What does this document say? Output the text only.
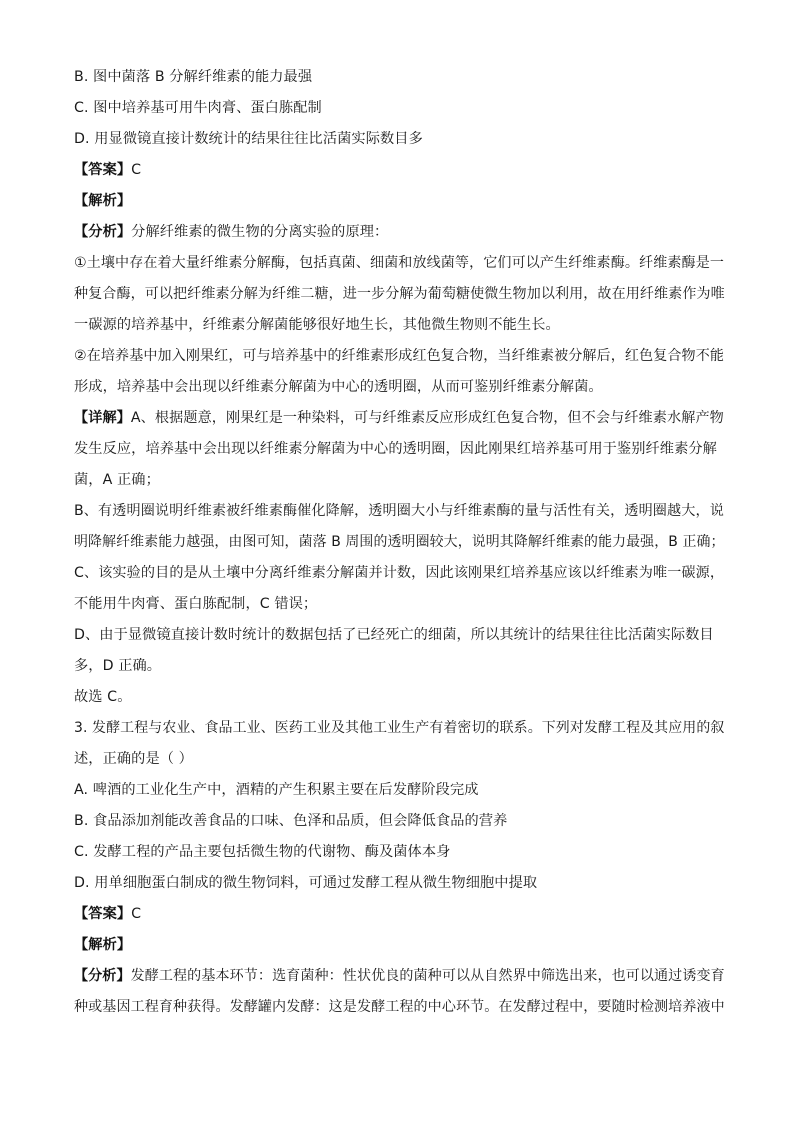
B. 图中菌落 B 分解纤维素的能力最强
C. 图中培养基可用牛肉膏、蛋白胨配制
D. 用显微镜直接计数统计的结果往往比活菌实际数目多
【答案】C
【解析】
【分析】分解纤维素的微生物的分离实验的原理：
①土壤中存在着大量纤维素分解酶，包括真菌、细菌和放线菌等，它们可以产生纤维素酶。纤维素酶是一
种复合酶，可以把纤维素分解为纤维二糖，进一步分解为葡萄糖使微生物加以利用，故在用纤维素作为唯
一碳源的培养基中，纤维素分解菌能够很好地生长，其他微生物则不能生长。
②在培养基中加入刚果红，可与培养基中的纤维素形成红色复合物，当纤维素被分解后，红色复合物不能
形成，培养基中会出现以纤维素分解菌为中心的透明圈，从而可鉴别纤维素分解菌。
【详解】A、根据题意，刚果红是一种染料，可与纤维素反应形成红色复合物，但不会与纤维素水解产物
发生反应，培养基中会出现以纤维素分解菌为中心的透明圈，因此刚果红培养基可用于鉴别纤维素分解
菌，A 正确；
B、有透明圈说明纤维素被纤维素酶催化降解，透明圈大小与纤维素酶的量与活性有关，透明圈越大，说
明降解纤维素能力越强，由图可知，菌落 B 周围的透明圈较大，说明其降解纤维素的能力最强，B 正确；
C、该实验的目的是从土壤中分离纤维素分解菌并计数，因此该刚果红培养基应该以纤维素为唯一碳源，
不能用牛肉膏、蛋白胨配制，C 错误；
D、由于显微镜直接计数时统计的数据包括了已经死亡的细菌，所以其统计的结果往往比活菌实际数目
多，D 正确。
故选 C。
3. 发酵工程与农业、食品工业、医药工业及其他工业生产有着密切的联系。下列对发酵工程及其应用的叙
述，正确的是（ ）
A. 啤酒的工业化生产中，酒精的产生积累主要在后发酵阶段完成
B. 食品添加剂能改善食品的口味、色泽和品质，但会降低食品的营养
C. 发酵工程的产品主要包括微生物的代谢物、酶及菌体本身
D. 用单细胞蛋白制成的微生物饲料，可通过发酵工程从微生物细胞中提取
【答案】C
【解析】
【分析】发酵工程的基本环节：选育菌种：性状优良的菌种可以从自然界中筛选出来，也可以通过诱变育
种或基因工程育种获得。发酵罐内发酵：这是发酵工程的中心环节。在发酵过程中，要随时检测培养液中
